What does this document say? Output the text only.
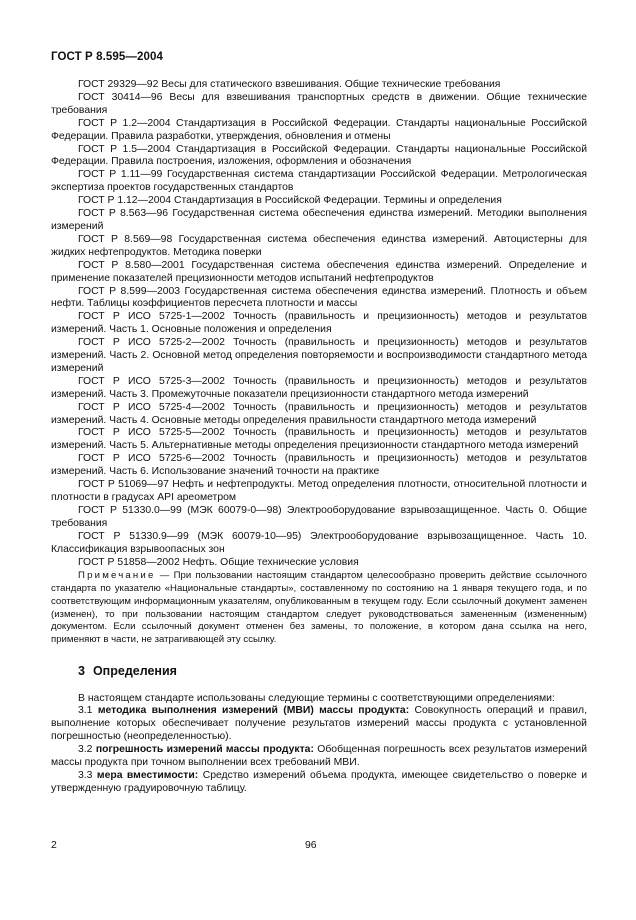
ГОСТ Р 8.595—2004

ГОСТ 29329—92 Весы для статического взвешивания. Общие технические требования

ГОСТ 30414—96 Весы для взвешивания транспортных средств в движении. Общие технические требования

ГОСТ Р 1.2—2004 Стандартизация в Российской Федерации. Стандарты национальные Российской Федерации. Правила разработки, утверждения, обновления и отмены

ГОСТ Р 1.5—2004 Стандартизация в Российской Федерации. Стандарты национальные Российской Федерации. Правила построения, изложения, оформления и обозначения

ГОСТ Р 1.11—99 Государственная система стандартизации Российской Федерации. Метрологическая экспертиза проектов государственных стандартов

ГОСТ Р 1.12—2004 Стандартизация в Российской Федерации. Термины и определения

ГОСТ Р 8.563—96 Государственная система обеспечения единства измерений. Методики выполнения измерений

ГОСТ Р 8.569—98 Государственная система обеспечения единства измерений. Автоцистерны для жидких нефтепродуктов. Методика поверки

ГОСТ Р 8.580—2001 Государственная система обеспечения единства измерений. Определение и применение показателей прецизионности методов испытаний нефтепродуктов

ГОСТ Р 8.599—2003 Государственная система обеспечения единства измерений. Плотность и объем нефти. Таблицы коэффициентов пересчета плотности и массы

ГОСТ Р ИСО 5725-1—2002 Точность (правильность и прецизионность) методов и результатов измерений. Часть 1. Основные положения и определения

ГОСТ Р ИСО 5725-2—2002 Точность (правильность и прецизионность) методов и результатов измерений. Часть 2. Основной метод определения повторяемости и воспроизводимости стандартного метода измерений

ГОСТ Р ИСО 5725-3—2002 Точность (правильность и прецизионность) методов и результатов измерений. Часть 3. Промежуточные показатели прецизионности стандартного метода измерений

ГОСТ Р ИСО 5725-4—2002 Точность (правильность и прецизионность) методов и результатов измерений. Часть 4. Основные методы определения правильности стандартного метода измерений

ГОСТ Р ИСО 5725-5—2002 Точность (правильность и прецизионность) методов и результатов измерений. Часть 5. Альтернативные методы определения прецизионности стандартного метода измерений

ГОСТ Р ИСО 5725-6—2002 Точность (правильность и прецизионность) методов и результатов измерений. Часть 6. Использование значений точности на практике

ГОСТ Р 51069—97 Нефть и нефтепродукты. Метод определения плотности, относительной плотности и плотности в градусах API ареометром

ГОСТ Р 51330.0—99 (МЭК 60079-0—98) Электрооборудование взрывозащищенное. Часть 0. Общие требования

ГОСТ Р 51330.9—99 (МЭК 60079-10—95) Электрооборудование взрывозащищенное. Часть 10. Классификация взрывоопасных зон

ГОСТ Р 51858—2002 Нефть. Общие технические условия

Примечание — При пользовании настоящим стандартом целесообразно проверить действие ссылочного стандарта по указателю «Национальные стандарты», составленному по состоянию на 1 января текущего года, и по соответствующим информационным указателям, опубликованным в текущем году. Если ссылочный документ заменен (изменен), то при пользовании настоящим стандартом следует руководствоваться замененным (измененным) документом. Если ссылочный документ отменен без замены, то положение, в котором дана ссылка на него, применяют в части, не затрагивающей эту ссылку.

3 Определения

В настоящем стандарте использованы следующие термины с соответствующими определениями:

3.1 методика выполнения измерений (МВИ) массы продукта: Совокупность операций и правил, выполнение которых обеспечивает получение результатов измерений массы продукта с установленной погрешностью (неопределенностью).

3.2 погрешность измерений массы продукта: Обобщенная погрешность всех результатов измерений массы продукта при точном выполнении всех требований МВИ.

3.3 мера вместимости: Средство измерений объема продукта, имеющее свидетельство о поверке и утвержденную градуировочную таблицу.

2	96
